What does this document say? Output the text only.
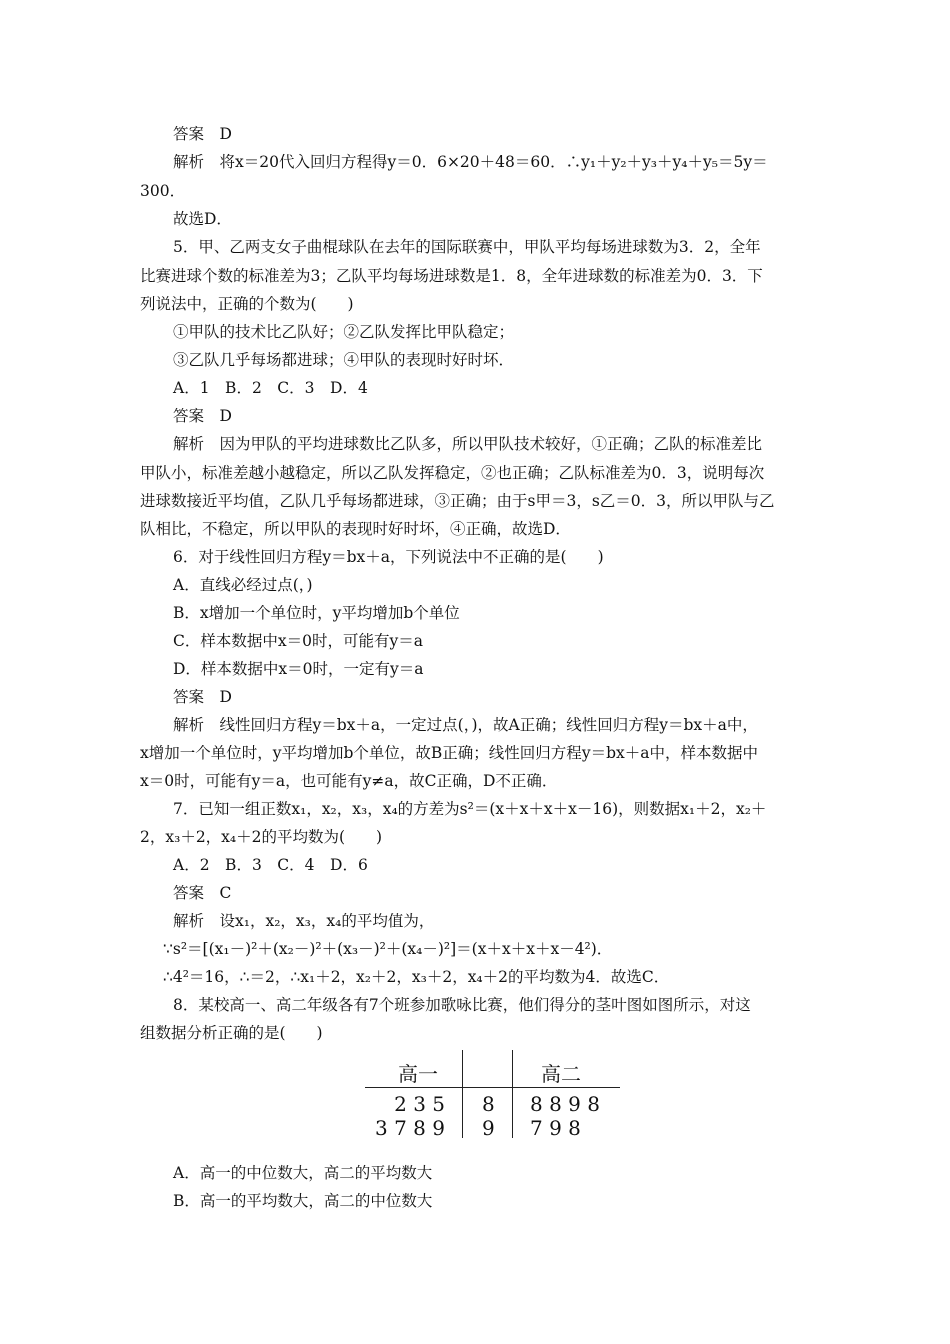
答案　D
解析　将x＝20代入回归方程得y＝0．6×20＋48＝60．∴y₁＋y₂＋y₃＋y₄＋y₅＝5y＝
300．
故选D．
5．甲、乙两支女子曲棍球队在去年的国际联赛中，甲队平均每场进球数为3．2，全年
比赛进球个数的标准差为3；乙队平均每场进球数是1．8，全年进球数的标准差为0．3．下
列说法中，正确的个数为(　　)
①甲队的技术比乙队好；②乙队发挥比甲队稳定；
③乙队几乎每场都进球；④甲队的表现时好时坏．
A．1　B．2　C．3　D．4
答案　D
解析　因为甲队的平均进球数比乙队多，所以甲队技术较好，①正确；乙队的标准差比
甲队小，标准差越小越稳定，所以乙队发挥稳定，②也正确；乙队标准差为0．3，说明每次
进球数接近平均值，乙队几乎每场都进球，③正确；由于s甲＝3，s乙＝0．3，所以甲队与乙
队相比，不稳定，所以甲队的表现时好时坏，④正确，故选D．
6．对于线性回归方程y＝bx＋a，下列说法中不正确的是(　　)
A．直线必经过点(，)
B．x增加一个单位时，y平均增加b个单位
C．样本数据中x＝0时，可能有y＝a
D．样本数据中x＝0时，一定有y＝a
答案　D
解析　线性回归方程y＝bx＋a，一定过点(，)，故A正确；线性回归方程y＝bx＋a中，
x增加一个单位时，y平均增加b个单位，故B正确；线性回归方程y＝bx＋a中，样本数据中
x＝0时，可能有y＝a，也可能有y≠a，故C正确，D不正确．
7．已知一组正数x₁，x₂，x₃，x₄的方差为s²＝(x＋x＋x＋x－16)，则数据x₁＋2，x₂＋
2，x₃＋2，x₄＋2的平均数为(　　)
A．2　B．3　C．4　D．6
答案　C
解析　设x₁，x₂，x₃，x₄的平均值为，
∵s²＝[(x₁－)²＋(x₂－)²＋(x₃－)²＋(x₄－)²]＝(x＋x＋x＋x－4²)．
∴4²＝16，∴＝2，∴x₁＋2，x₂＋2，x₃＋2，x₄＋2的平均数为4．故选C．
8．某校高一、高二年级各有7个班参加歌咏比赛，他们得分的茎叶图如图所示，对这
组数据分析正确的是(　　)
高一	高二
2 3 5 8 8 8 9 8
3 7 8 9 9 7 9 8
A．高一的中位数大，高二的平均数大
B．高一的平均数大，高二的中位数大
